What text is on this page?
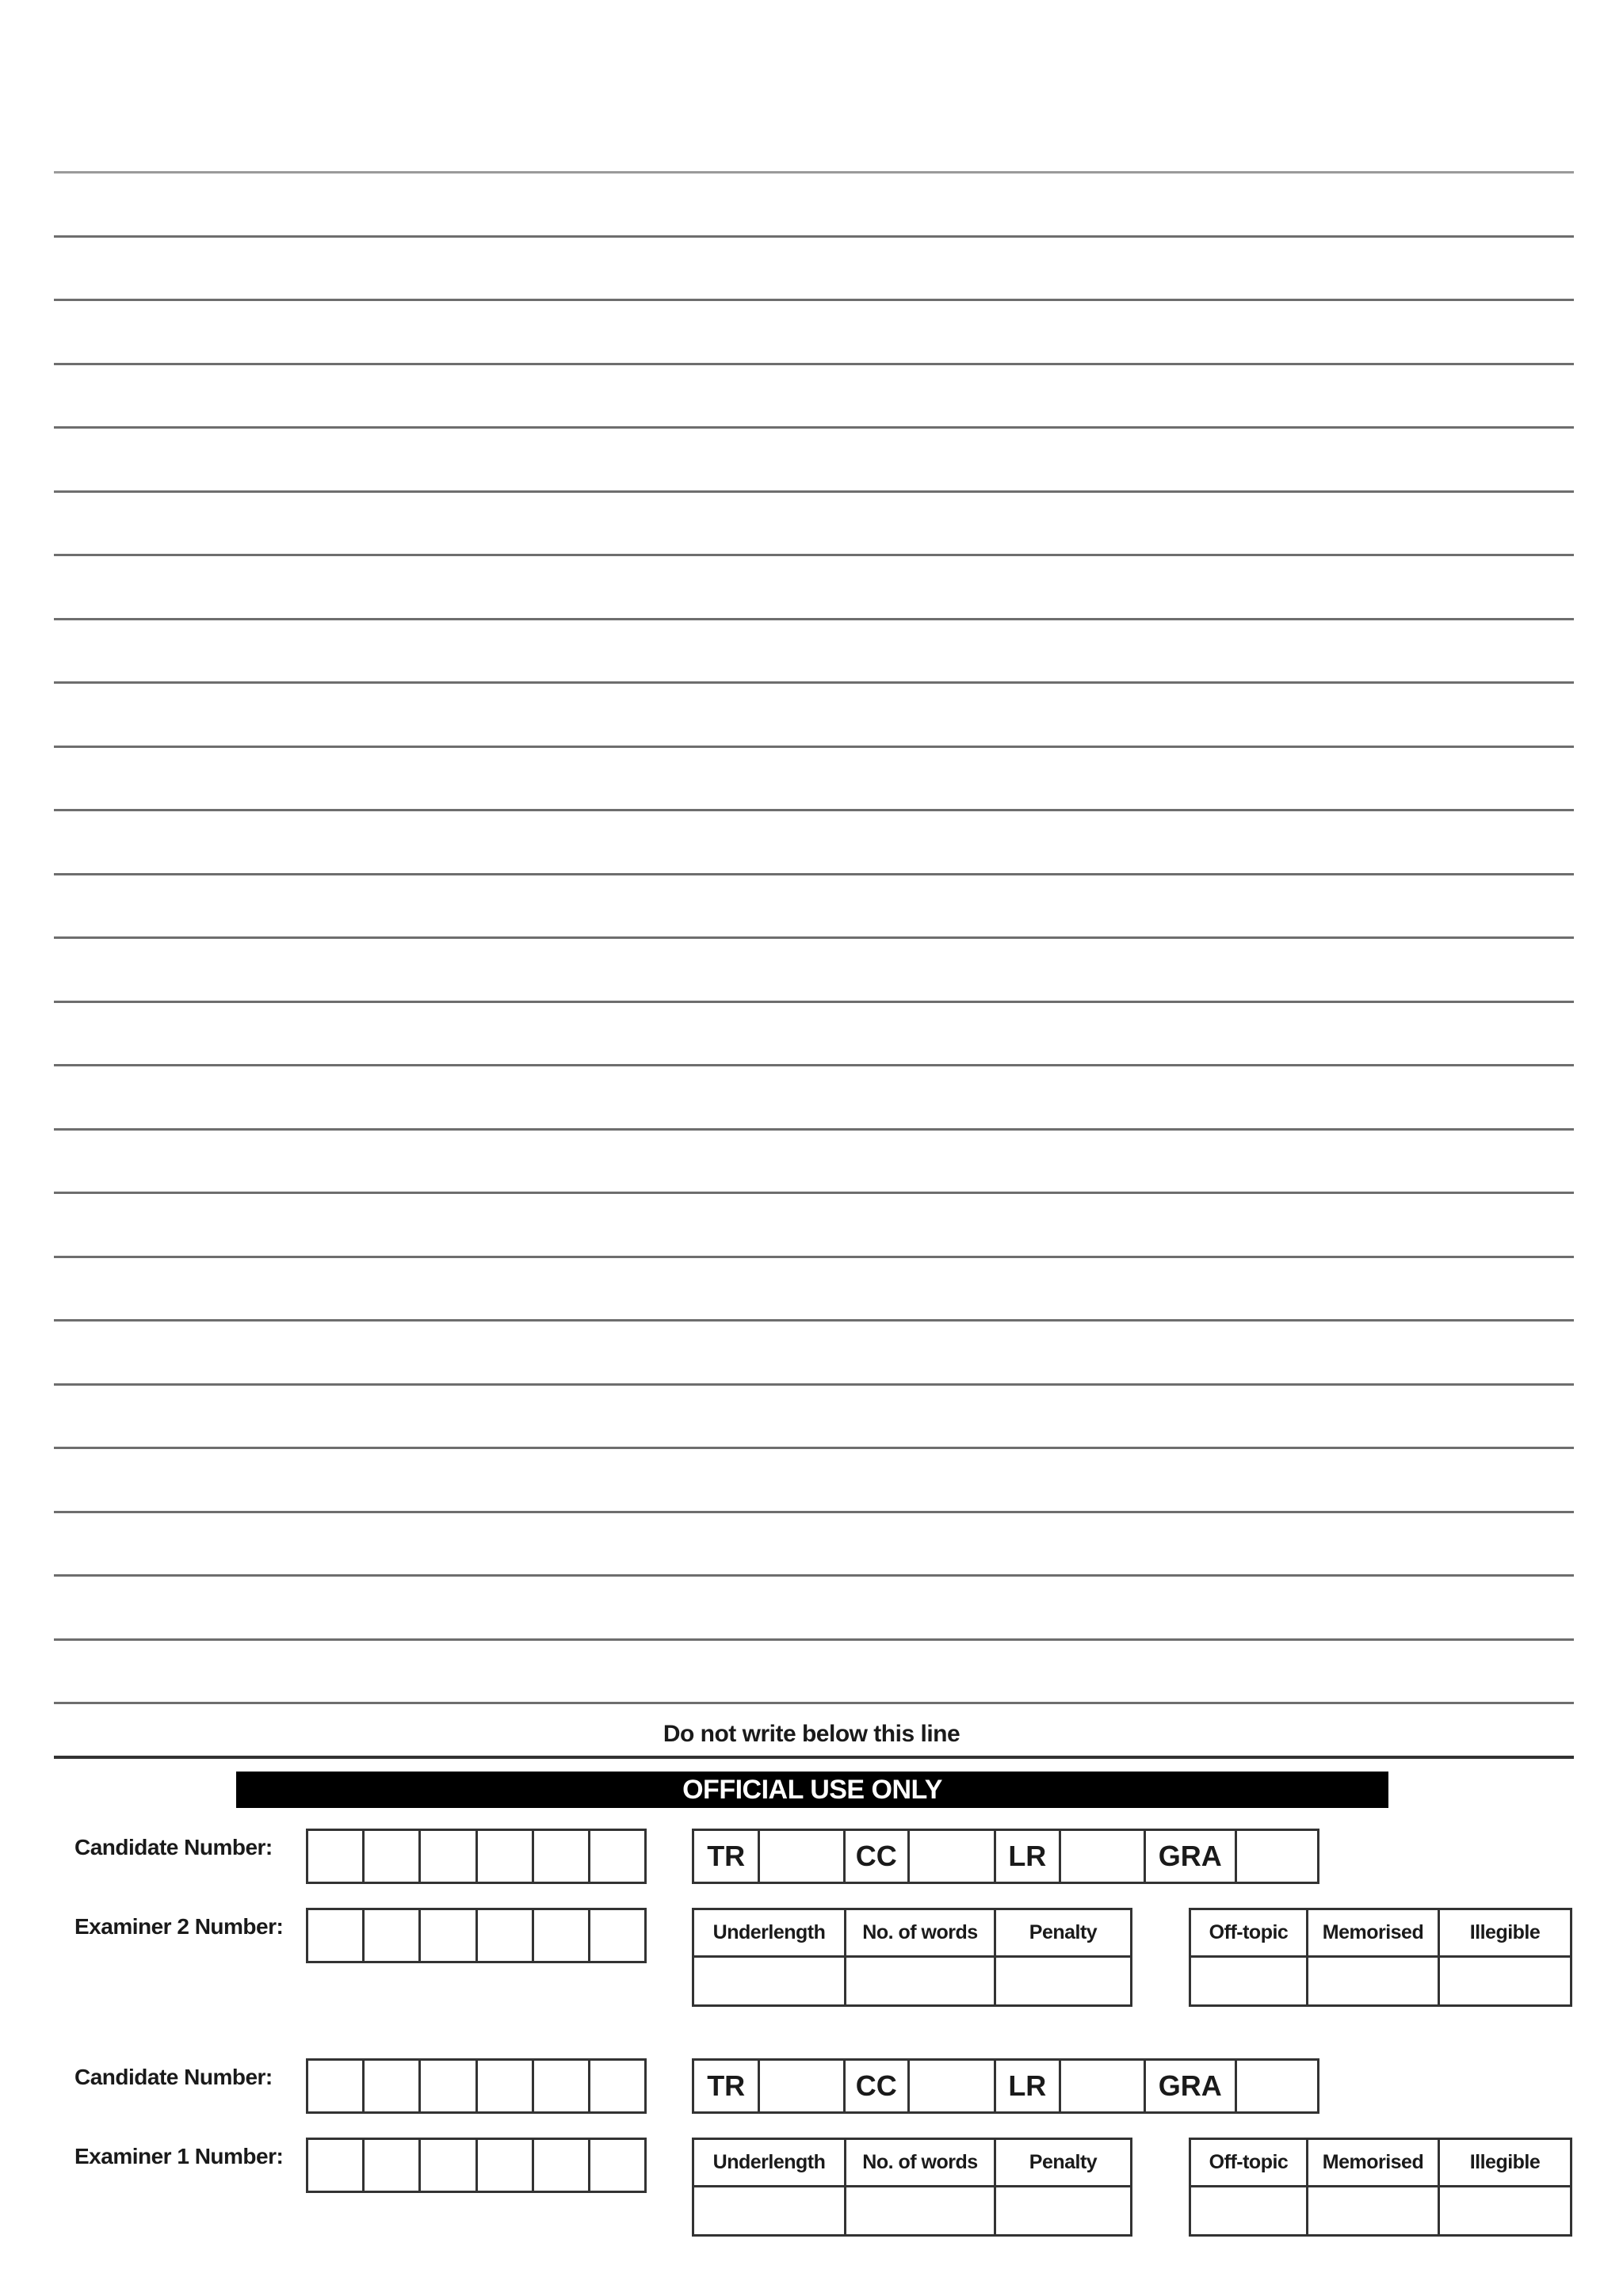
Do not write below this line
OFFICIAL USE ONLY
Candidate Number:	TR	CC	LR	GRA
Examiner 2 Number:	Underlength	No. of words	Penalty	Off-topic	Memorised	Illegible
Candidate Number:	TR	CC	LR	GRA
Examiner 1 Number:	Underlength	No. of words	Penalty	Off-topic	Memorised	Illegible
